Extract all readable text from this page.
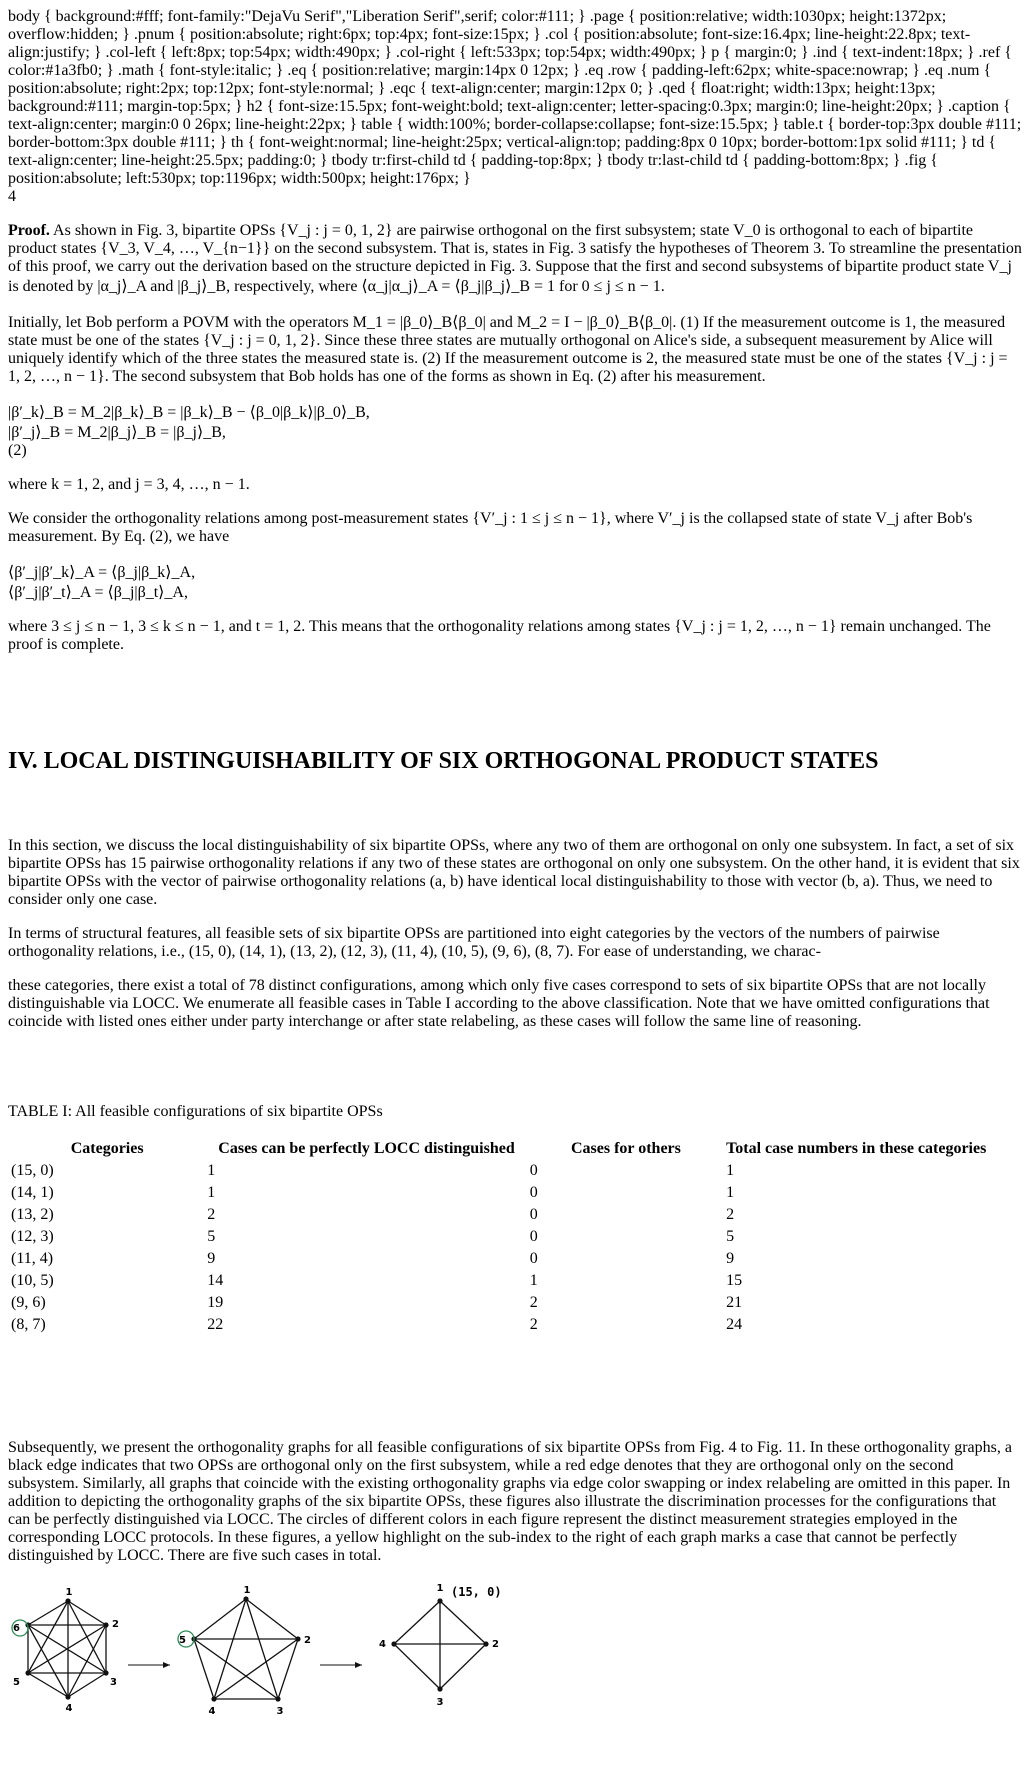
body { background:#fff; font-family:"DejaVu Serif","Liberation Serif",serif; color:#111; } .page { position:relative; width:1030px; height:1372px; overflow:hidden; } .pnum { position:absolute; right:6px; top:4px; font-size:15px; } .col { position:absolute; font-size:16.4px; line-height:22.8px; text-align:justify; } .col-left { left:8px; top:54px; width:490px; } .col-right { left:533px; top:54px; width:490px; } p { margin:0; } .ind { text-indent:18px; } .ref { color:#1a3fb0; } .math { font-style:italic; } .eq { position:relative; margin:14px 0 12px; } .eq .row { padding-left:62px; white-space:nowrap; } .eq .num { position:absolute; right:2px; top:12px; font-style:normal; } .eqc { text-align:center; margin:12px 0; } .qed { float:right; width:13px; height:13px; background:#111; margin-top:5px; } h2 { font-size:15.5px; font-weight:bold; text-align:center; letter-spacing:0.3px; margin:0; line-height:20px; } .caption { text-align:center; margin:0 0 26px; line-height:22px; } table { width:100%; border-collapse:collapse; font-size:15.5px; } table.t { border-top:3px double #111; border-bottom:3px double #111; } th { font-weight:normal; line-height:25px; vertical-align:top; padding:8px 0 10px; border-bottom:1px solid #111; } td { text-align:center; line-height:25.5px; padding:0; } tbody tr:first-child td { padding-top:8px; } tbody tr:last-child td { padding-bottom:8px; } .fig { position:absolute; left:530px; top:1196px; width:500px; height:176px; }
4

Proof. As shown in Fig. 3, bipartite OPSs {V_j : j = 0, 1, 2} are pairwise orthogonal on the first subsystem; state V_0 is orthogonal to each of bipartite product states {V_3, V_4, …, V_{n−1}} on the second subsystem. That is, states in Fig. 3 satisfy the hypotheses of Theorem 3. To streamline the presentation of this proof, we carry out the derivation based on the structure depicted in Fig. 3. Suppose that the first and second subsystems of bipartite product state V_j is denoted by |α_j⟩_A and |β_j⟩_B, respectively, where ⟨α_j|α_j⟩_A = ⟨β_j|β_j⟩_B = 1 for 0 ≤ j ≤ n − 1.

Initially, let Bob perform a POVM with the operators M_1 = |β_0⟩_B⟨β_0| and M_2 = I − |β_0⟩_B⟨β_0|. (1) If the measurement outcome is 1, the measured state must be one of the states {V_j : j = 0, 1, 2}. Since these three states are mutually orthogonal on Alice's side, a subsequent measurement by Alice will uniquely identify which of the three states the measured state is. (2) If the measurement outcome is 2, the measured state must be one of the states {V_j : j = 1, 2, …, n − 1}. The second subsystem that Bob holds has one of the forms as shown in Eq. (2) after his measurement.

|β′_k⟩_B = M_2|β_k⟩_B = |β_k⟩_B − ⟨β_0|β_k⟩|β_0⟩_B,
|β′_j⟩_B = M_2|β_j⟩_B = |β_j⟩_B,
(2)

where k = 1, 2, and j = 3, 4, …, n − 1.

We consider the orthogonality relations among post-measurement states {V′_j : 1 ≤ j ≤ n − 1}, where V′_j is the collapsed state of state V_j after Bob's measurement. By Eq. (2), we have

⟨β′_j|β′_k⟩_A = ⟨β_j|β_k⟩_A,
⟨β′_j|β′_t⟩_A = ⟨β_j|β_t⟩_A,

where 3 ≤ j ≤ n − 1, 3 ≤ k ≤ n − 1, and t = 1, 2. This means that the orthogonality relations among states {V_j : j = 1, 2, …, n − 1} remain unchanged. The proof is complete.

IV. LOCAL DISTINGUISHABILITY OF SIX ORTHOGONAL PRODUCT STATES

In this section, we discuss the local distinguishability of six bipartite OPSs, where any two of them are orthogonal on only one subsystem. In fact, a set of six bipartite OPSs has 15 pairwise orthogonality relations if any two of these states are orthogonal on only one subsystem. On the other hand, it is evident that six bipartite OPSs with the vector of pairwise orthogonality relations (a, b) have identical local distinguishability to those with vector (b, a). Thus, we need to consider only one case.

In terms of structural features, all feasible sets of six bipartite OPSs are partitioned into eight categories by the vectors of the numbers of pairwise orthogonality relations, i.e., (15, 0), (14, 1), (13, 2), (12, 3), (11, 4), (10, 5), (9, 6), (8, 7). For ease of understanding, we charac-

these categories, there exist a total of 78 distinct configurations, among which only five cases correspond to sets of six bipartite OPSs that are not locally distinguishable via LOCC. We enumerate all feasible cases in Table I according to the above classification. Note that we have omitted configurations that coincide with listed ones either under party interchange or after state relabeling, as these cases will follow the same line of reasoning.

TABLE I: All feasible configurations of six bipartite OPSs

Categories	Cases can be perfectly LOCC distinguished	Cases for others	Total case numbers in these categories
(15, 0)	1	0	1
(14, 1)	1	0	1
(13, 2)	2	0	2
(12, 3)	5	0	5
(11, 4)	9	0	9
(10, 5)	14	1	15
(9, 6)	19	2	21
(8, 7)	22	2	24

Subsequently, we present the orthogonality graphs for all feasible configurations of six bipartite OPSs from Fig. 4 to Fig. 11. In these orthogonality graphs, a black edge indicates that two OPSs are orthogonal only on the first subsystem, while a red edge denotes that they are orthogonal only on the second subsystem. Similarly, all graphs that coincide with the existing orthogonality graphs via edge color swapping or index relabeling are omitted in this paper. In addition to depicting the orthogonality graphs of the six bipartite OPSs, these figures also illustrate the discrimination processes for the configurations that can be perfectly distinguished via LOCC. The circles of different colors in each figure represent the distinct measurement strategies employed in the corresponding LOCC protocols. In these figures, a yellow highlight on the sub-index to the right of each graph marks a case that cannot be perfectly distinguished by LOCC. There are five such cases in total.

1
2
3
4
5
6
1
2
3
4
5
1
2
3
4
(15, 0)
